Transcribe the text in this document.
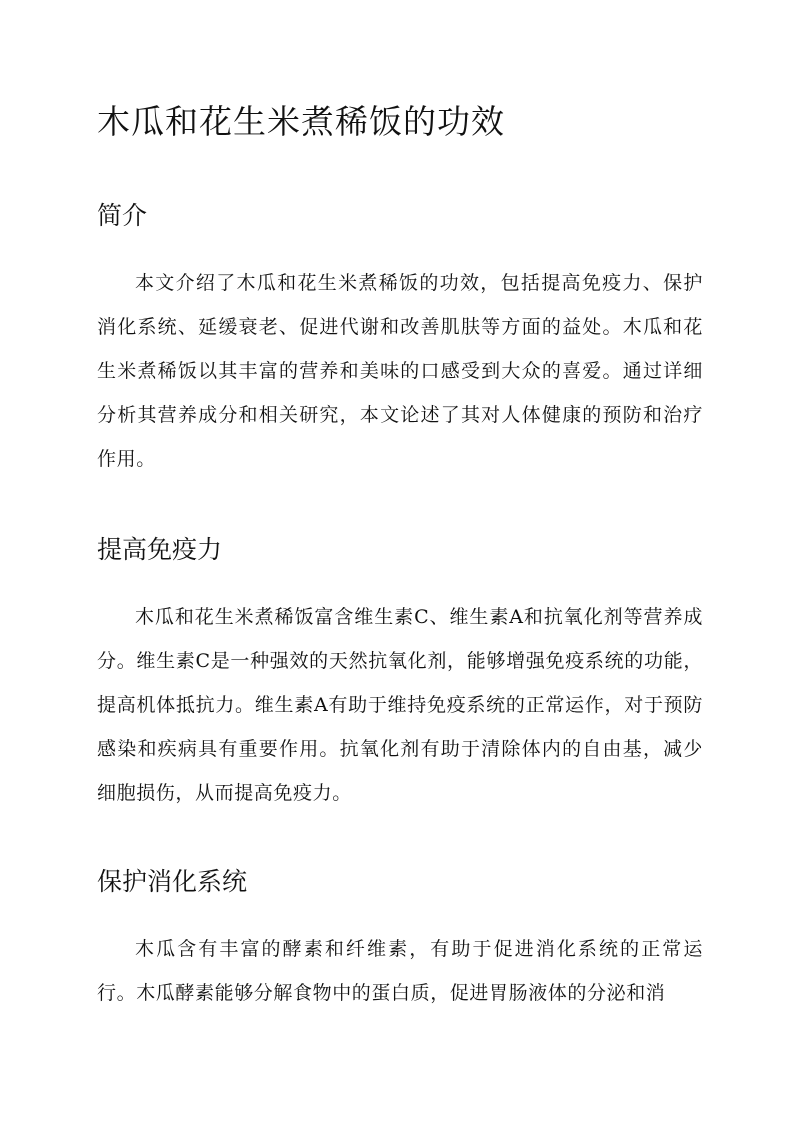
木瓜和花生米煮稀饭的功效
简介

本文介绍了木瓜和花生米煮稀饭的功效，包括提高免疫力、保护消化系统、延缓衰老、促进代谢和改善肌肤等方面的益处。木瓜和花生米煮稀饭以其丰富的营养和美味的口感受到大众的喜爱。通过详细分析其营养成分和相关研究，本文论述了其对人体健康的预防和治疗作用。

提高免疫力

木瓜和花生米煮稀饭富含维生素C、维生素A和抗氧化剂等营养成分。维生素C是一种强效的天然抗氧化剂，能够增强免疫系统的功能，提高机体抵抗力。维生素A有助于维持免疫系统的正常运作，对于预防感染和疾病具有重要作用。抗氧化剂有助于清除体内的自由基，减少细胞损伤，从而提高免疫力。

保护消化系统

木瓜含有丰富的酵素和纤维素，有助于促进消化系统的正常运行。木瓜酵素能够分解食物中的蛋白质，促进胃肠液体的分泌和消
